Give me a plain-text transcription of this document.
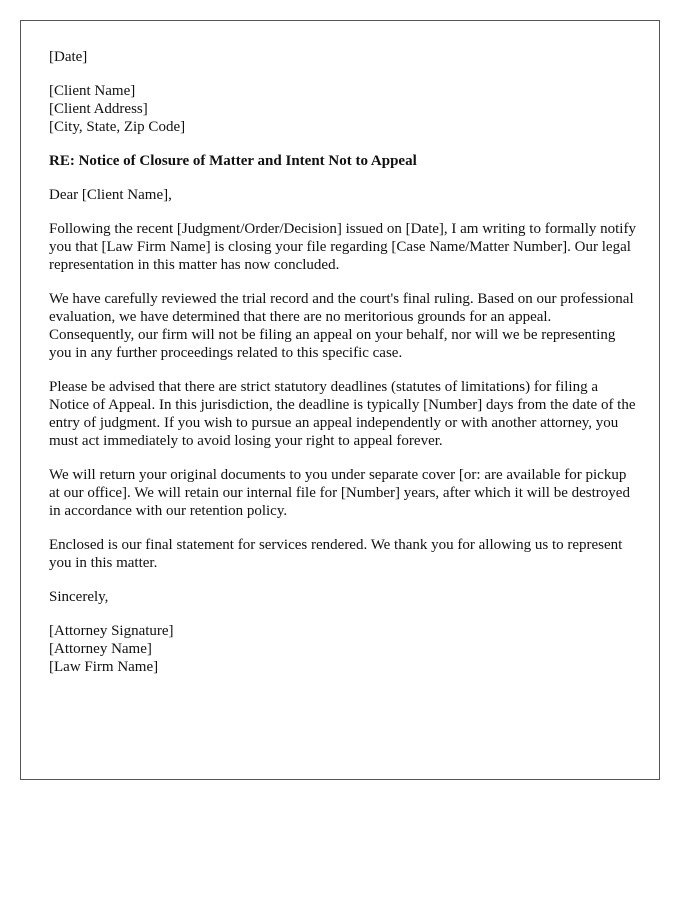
[Date]
[Client Name]
[Client Address]
[City, State, Zip Code]
RE: Notice of Closure of Matter and Intent Not to Appeal
Dear [Client Name],

Following the recent [Judgment/Order/Decision] issued on [Date], I am writing to formally notify you that [Law Firm Name] is closing your file regarding [Case Name/Matter Number]. Our legal representation in this matter has now concluded.

We have carefully reviewed the trial record and the court's final ruling. Based on our professional evaluation, we have determined that there are no meritorious grounds for an appeal. Consequently, our firm will not be filing an appeal on your behalf, nor will we be representing you in any further proceedings related to this specific case.

Please be advised that there are strict statutory deadlines (statutes of limitations) for filing a Notice of Appeal. In this jurisdiction, the deadline is typically [Number] days from the date of the entry of judgment. If you wish to pursue an appeal independently or with another attorney, you must act immediately to avoid losing your right to appeal forever.

We will return your original documents to you under separate cover [or: are available for pickup at our office]. We will retain our internal file for [Number] years, after which it will be destroyed in accordance with our retention policy.

Enclosed is our final statement for services rendered. We thank you for allowing us to represent you in this matter.

Sincerely,
[Attorney Signature]
[Attorney Name]
[Law Firm Name]
